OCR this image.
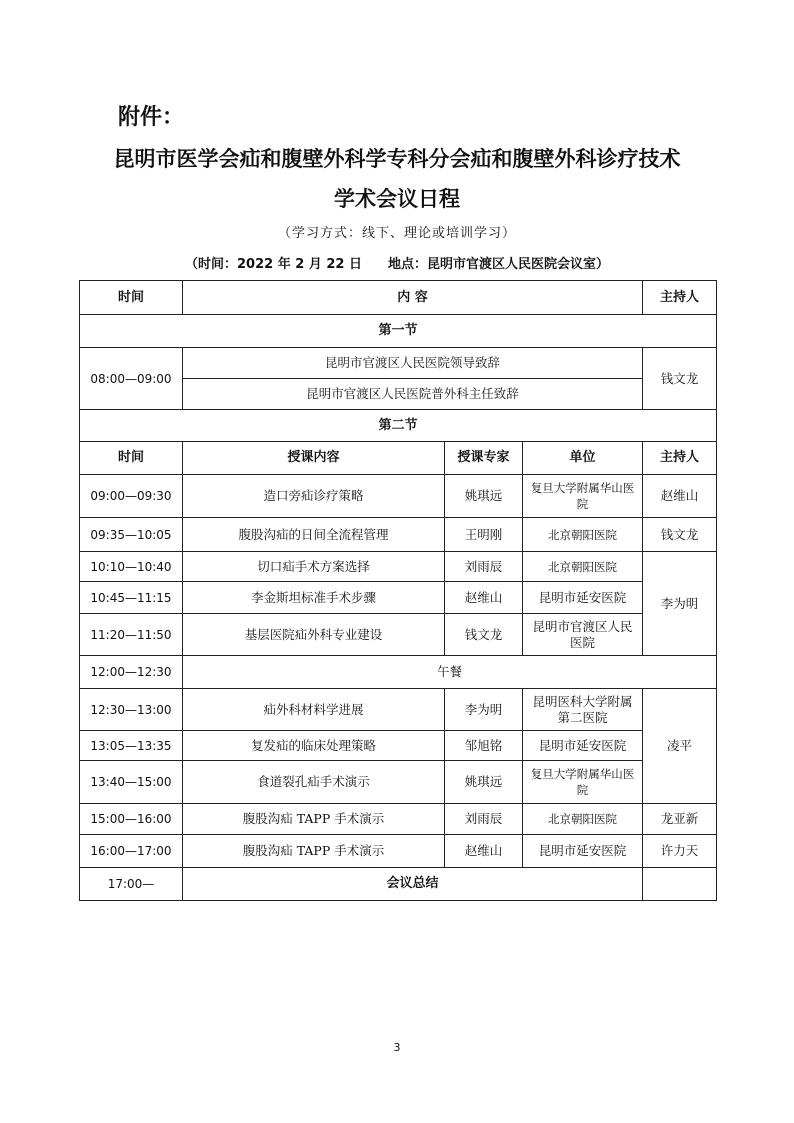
附件：
昆明市医学会疝和腹壁外科学专科分会疝和腹壁外科诊疗技术
学术会议日程
（学习方式：线下、理论或培训学习）
（时间：2022 年 2 月 22 日 地点：昆明市官渡区人民医院会议室）
时间	内 容			主持人
第一节				
08:00—09:00	昆明市官渡区人民医院领导致辞			钱文龙
	昆明市官渡区人民医院普外科主任致辞			
第二节				
时间	授课内容	授课专家	单位	主持人
09:00—09:30	造口旁疝诊疗策略	姚琪远	复旦大学附属华山医院	赵维山
09:35—10:05	腹股沟疝的日间全流程管理	王明刚	北京朝阳医院	钱文龙
10:10—10:40	切口疝手术方案选择	刘雨辰	北京朝阳医院	李为明
10:45—11:15	李金斯坦标准手术步骤	赵维山	昆明市延安医院	
11:20—11:50	基层医院疝外科专业建设	钱文龙	昆明市官渡区人民医院	
12:00—12:30	午餐			
12:30—13:00	疝外科材料学进展	李为明	昆明医科大学附属第二医院	凌平
13:05—13:35	复发疝的临床处理策略	邹旭铭	昆明市延安医院	
13:40—15:00	食道裂孔疝手术演示	姚琪远	复旦大学附属华山医院	
15:00—16:00	腹股沟疝 TAPP 手术演示	刘雨辰	北京朝阳医院	龙亚新
16:00—17:00	腹股沟疝 TAPP 手术演示	赵维山	昆明市延安医院	许力天
17:00—	会议总结			
3
